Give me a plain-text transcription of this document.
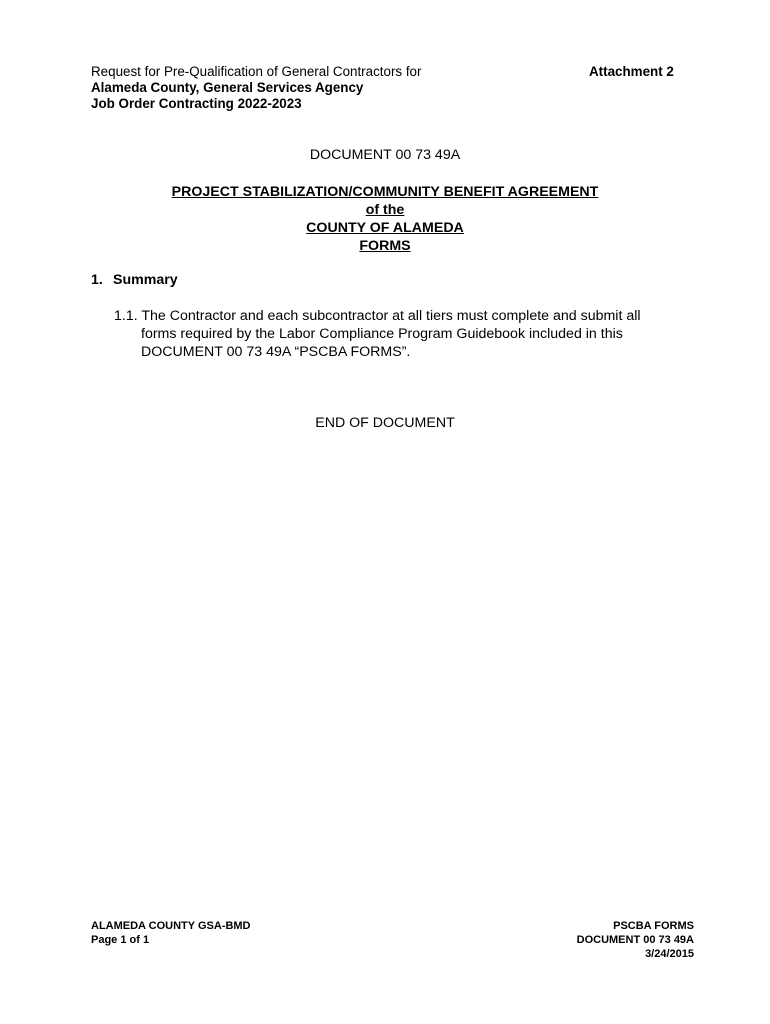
Request for Pre-Qualification of General Contractors for
Alameda County, General Services Agency
Job Order Contracting 2022-2023
Attachment 2
DOCUMENT 00 73 49A
PROJECT STABILIZATION/COMMUNITY BENEFIT AGREEMENT
of the
COUNTY OF ALAMEDA
FORMS
1. Summary
1.1. The Contractor and each subcontractor at all tiers must complete and submit all
forms required by the Labor Compliance Program Guidebook included in this
DOCUMENT 00 73 49A “PSCBA FORMS”.
END OF DOCUMENT
ALAMEDA COUNTY GSA-BMD
Page 1 of 1
PSCBA FORMS
DOCUMENT 00 73 49A
3/24/2015
